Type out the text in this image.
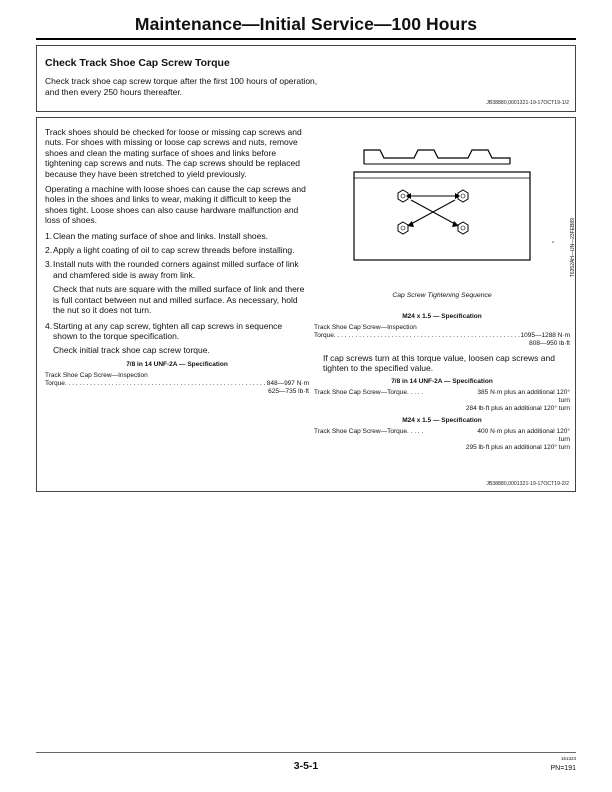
Maintenance—Initial Service—100 Hours
Check Track Shoe Cap Screw Torque
Check track shoe cap screw torque after the first 100 hours of operation, and then every 250 hours thereafter.
JB38880,0001321-19-17OCT19-1/2

Track shoes should be checked for loose or missing cap screws and nuts. For shoes with missing or loose cap screws and nuts, remove shoes and clean the mating surface of shoes and links before tightening cap screws and nuts. The cap screws should be replaced because they have been stretched to yield previously.

Operating a machine with loose shoes can cause the cap screws and holes in the shoes and links to wear, making it difficult to keep the shoes tight. Loose shoes can also cause hardware malfunction and loss of shoes.

1. Clean the mating surface of shoe and links. Install shoes.
2. Apply a light coating of oil to cap screw threads before installing.
3. Install nuts with the rounded corners against milled surface of link and chamfered side is away from link.
Check that nuts are square with the milled surface of link and there is full contact between nut and milled surface. As necessary, hold the nut so it does not turn.
4. Starting at any cap screw, tighten all cap screws in sequence shown to the torque specification.
Check initial track shoe cap screw torque.
7/8 in 14 UNF-2A — Specification
Track Shoe Cap Screw—Inspection
Torque . . .	848—997 N·m
625—735 lb·ft
T6352AH—UN—23FEB89
Cap Screw Tightening Sequence
M24 x 1.5 — Specification
Track Shoe Cap Screw—Inspection
Torque . . .	1095—1288 N·m
808—950 lb·ft
If cap screws turn at this torque value, loosen cap screws and tighten to the specified value.
7/8 in 14 UNF-2A — Specification
Track Shoe Cap Screw—Torque . . .	385 N·m plus an additional 120°
turn
284 lb·ft plus an additional 120° turn
M24 x 1.5 — Specification
Track Shoe Cap Screw—Torque . . .	400 N·m plus an additional 120°
turn
295 lb·ft plus an additional 120° turn
JB38880,0001321-19-17OCT19-2/2
3-5-1
161323
PN=191
